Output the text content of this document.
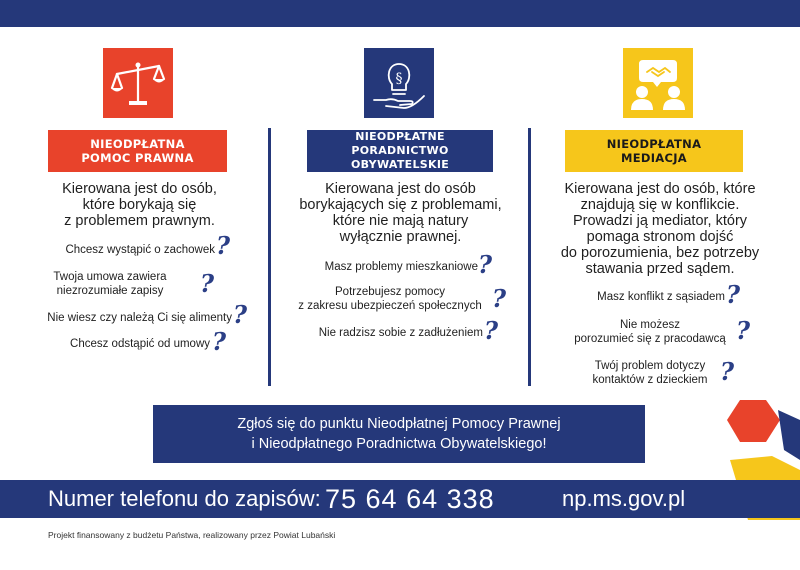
NIEODPŁATNA
POMOC PRAWNA
Kierowana jest do osób,
które borykają się
z problemem prawnym.
Chcesz wystąpić o zachowek ?
Twoja umowa zawiera
niezrozumiałe zapisy	?
Nie wiesz czy należą Ci się alimenty ?
Chcesz odstąpić od umowy ?
§
NIEODPŁATNE
PORADNICTWO OBYWATELSKIE
Kierowana jest do osób
borykających się z problemami,
które nie mają natury
wyłącznie prawnej.
Masz problemy mieszkaniowe ?
Potrzebujesz pomocy
z zakresu ubezpieczeń społecznych ?
Nie radzisz sobie z zadłużeniem ?
NIEODPŁATNA
MEDIACJA
Kierowana jest do osób, które
znajdują się w konflikcie.
Prowadzi ją mediator, który
pomaga stronom dojść
do porozumienia, bez potrzeby
stawania przed sądem.
Masz konflikt z sąsiadem ?
Nie możesz
porozumieć się z pracodawcą ?
Twój problem dotyczy
kontaktów z dzieckiem ?
Zgłoś się do punktu Nieodpłatnej Pomocy Prawnej
i Nieodpłatnego Poradnictwa Obywatelskiego!
Numer telefonu do zapisów: 75 64 64 338	np.ms.gov.pl
Projekt finansowany z budżetu Państwa, realizowany przez Powiat Lubański
